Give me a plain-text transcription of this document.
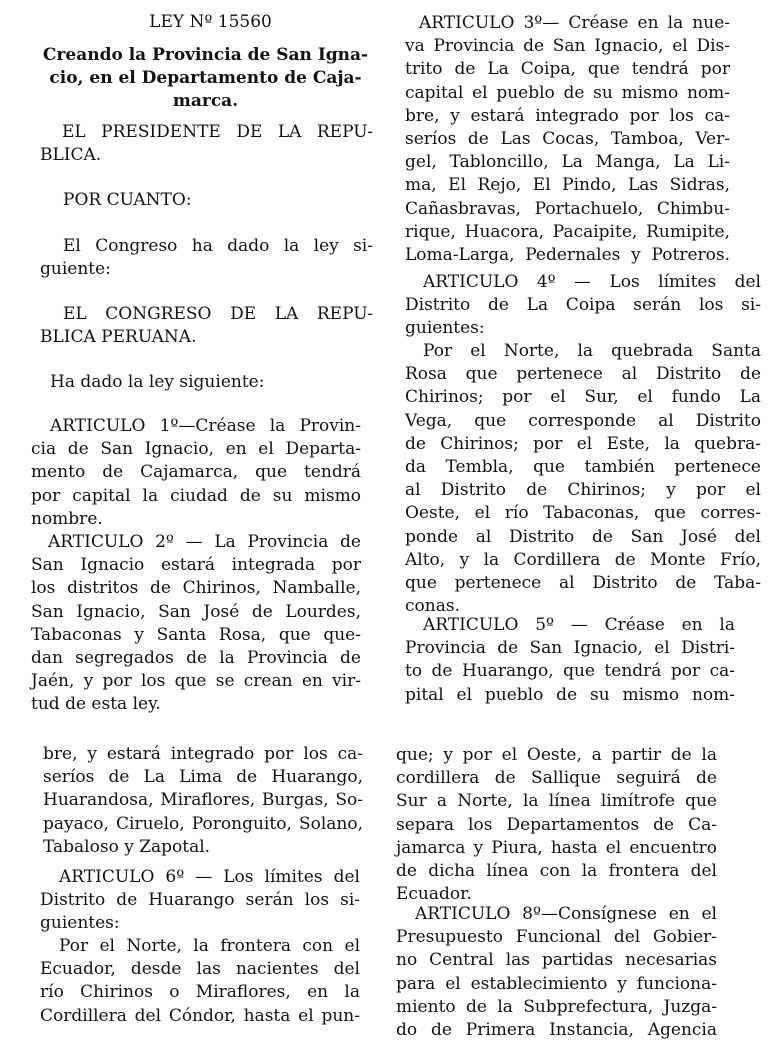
LEY Nº 15560
Creando la Provincia de San Igna-
cio, en el Departamento de Caja-
marca.
EL PRESIDENTE DE LA REPU-
BLICA.
POR CUANTO:
El Congreso ha dado la ley si-
guiente:
EL CONGRESO DE LA REPU-
BLICA PERUANA.
Ha dado la ley siguiente:
ARTICULO 1º—Créase la Provin-
cia de San Ignacio, en el Departa-
mento de Cajamarca, que tendrá
por capital la ciudad de su mismo
nombre.
ARTICULO 2º — La Provincia de
San Ignacio estará integrada por
los distritos de Chirinos, Namballe,
San Ignacio, San José de Lourdes,
Tabaconas y Santa Rosa, que que-
dan segregados de la Provincia de
Jaén, y por los que se crean en vir-
tud de esta ley.
ARTICULO 3º— Créase en la nue-
va Provincia de San Ignacio, el Dis-
trito de La Coipa, que tendrá por
capital el pueblo de su mismo nom-
bre, y estará integrado por los ca-
seríos de Las Cocas, Tamboa, Ver-
gel, Tabloncillo, La Manga, La Li-
ma, El Rejo, El Pindo, Las Sidras,
Cañasbravas, Portachuelo, Chimbu-
rique, Huacora, Pacaipite, Rumipite,
Loma-Larga, Pedernales y Potreros.
ARTICULO 4º — Los límites del
Distrito de La Coipa serán los si-
guientes:
Por el Norte, la quebrada Santa
Rosa que pertenece al Distrito de
Chirinos; por el Sur, el fundo La
Vega, que corresponde al Distrito
de Chirinos; por el Este, la quebra-
da Tembla, que también pertenece
al Distrito de Chirinos; y por el
Oeste, el río Tabaconas, que corres-
ponde al Distrito de San José del
Alto, y la Cordillera de Monte Frío,
que pertenece al Distrito de Taba-
conas.
ARTICULO 5º — Créase en la
Provincia de San Ignacio, el Distri-
to de Huarango, que tendrá por ca-
pital el pueblo de su mismo nom-
bre, y estará integrado por los ca-
seríos de La Lima de Huarango,
Huarandosa, Miraflores, Burgas, So-
payaco, Ciruelo, Poronguito, Solano,
Tabaloso y Zapotal.
ARTICULO 6º — Los límites del
Distrito de Huarango serán los si-
guientes:
Por el Norte, la frontera con el
Ecuador, desde las nacientes del
río Chirinos o Miraflores, en la
Cordillera del Cóndor, hasta el pun-
que; y por el Oeste, a partir de la
cordillera de Sallique seguirá de
Sur a Norte, la línea limítrofe que
separa los Departamentos de Ca-
jamarca y Piura, hasta el encuentro
de dicha línea con la frontera del
Ecuador.
ARTICULO 8º—Consígnese en el
Presupuesto Funcional del Gobier-
no Central las partidas necesarias
para el establecimiento y funciona-
miento de la Subprefectura, Juzga-
do de Primera Instancia, Agencia
